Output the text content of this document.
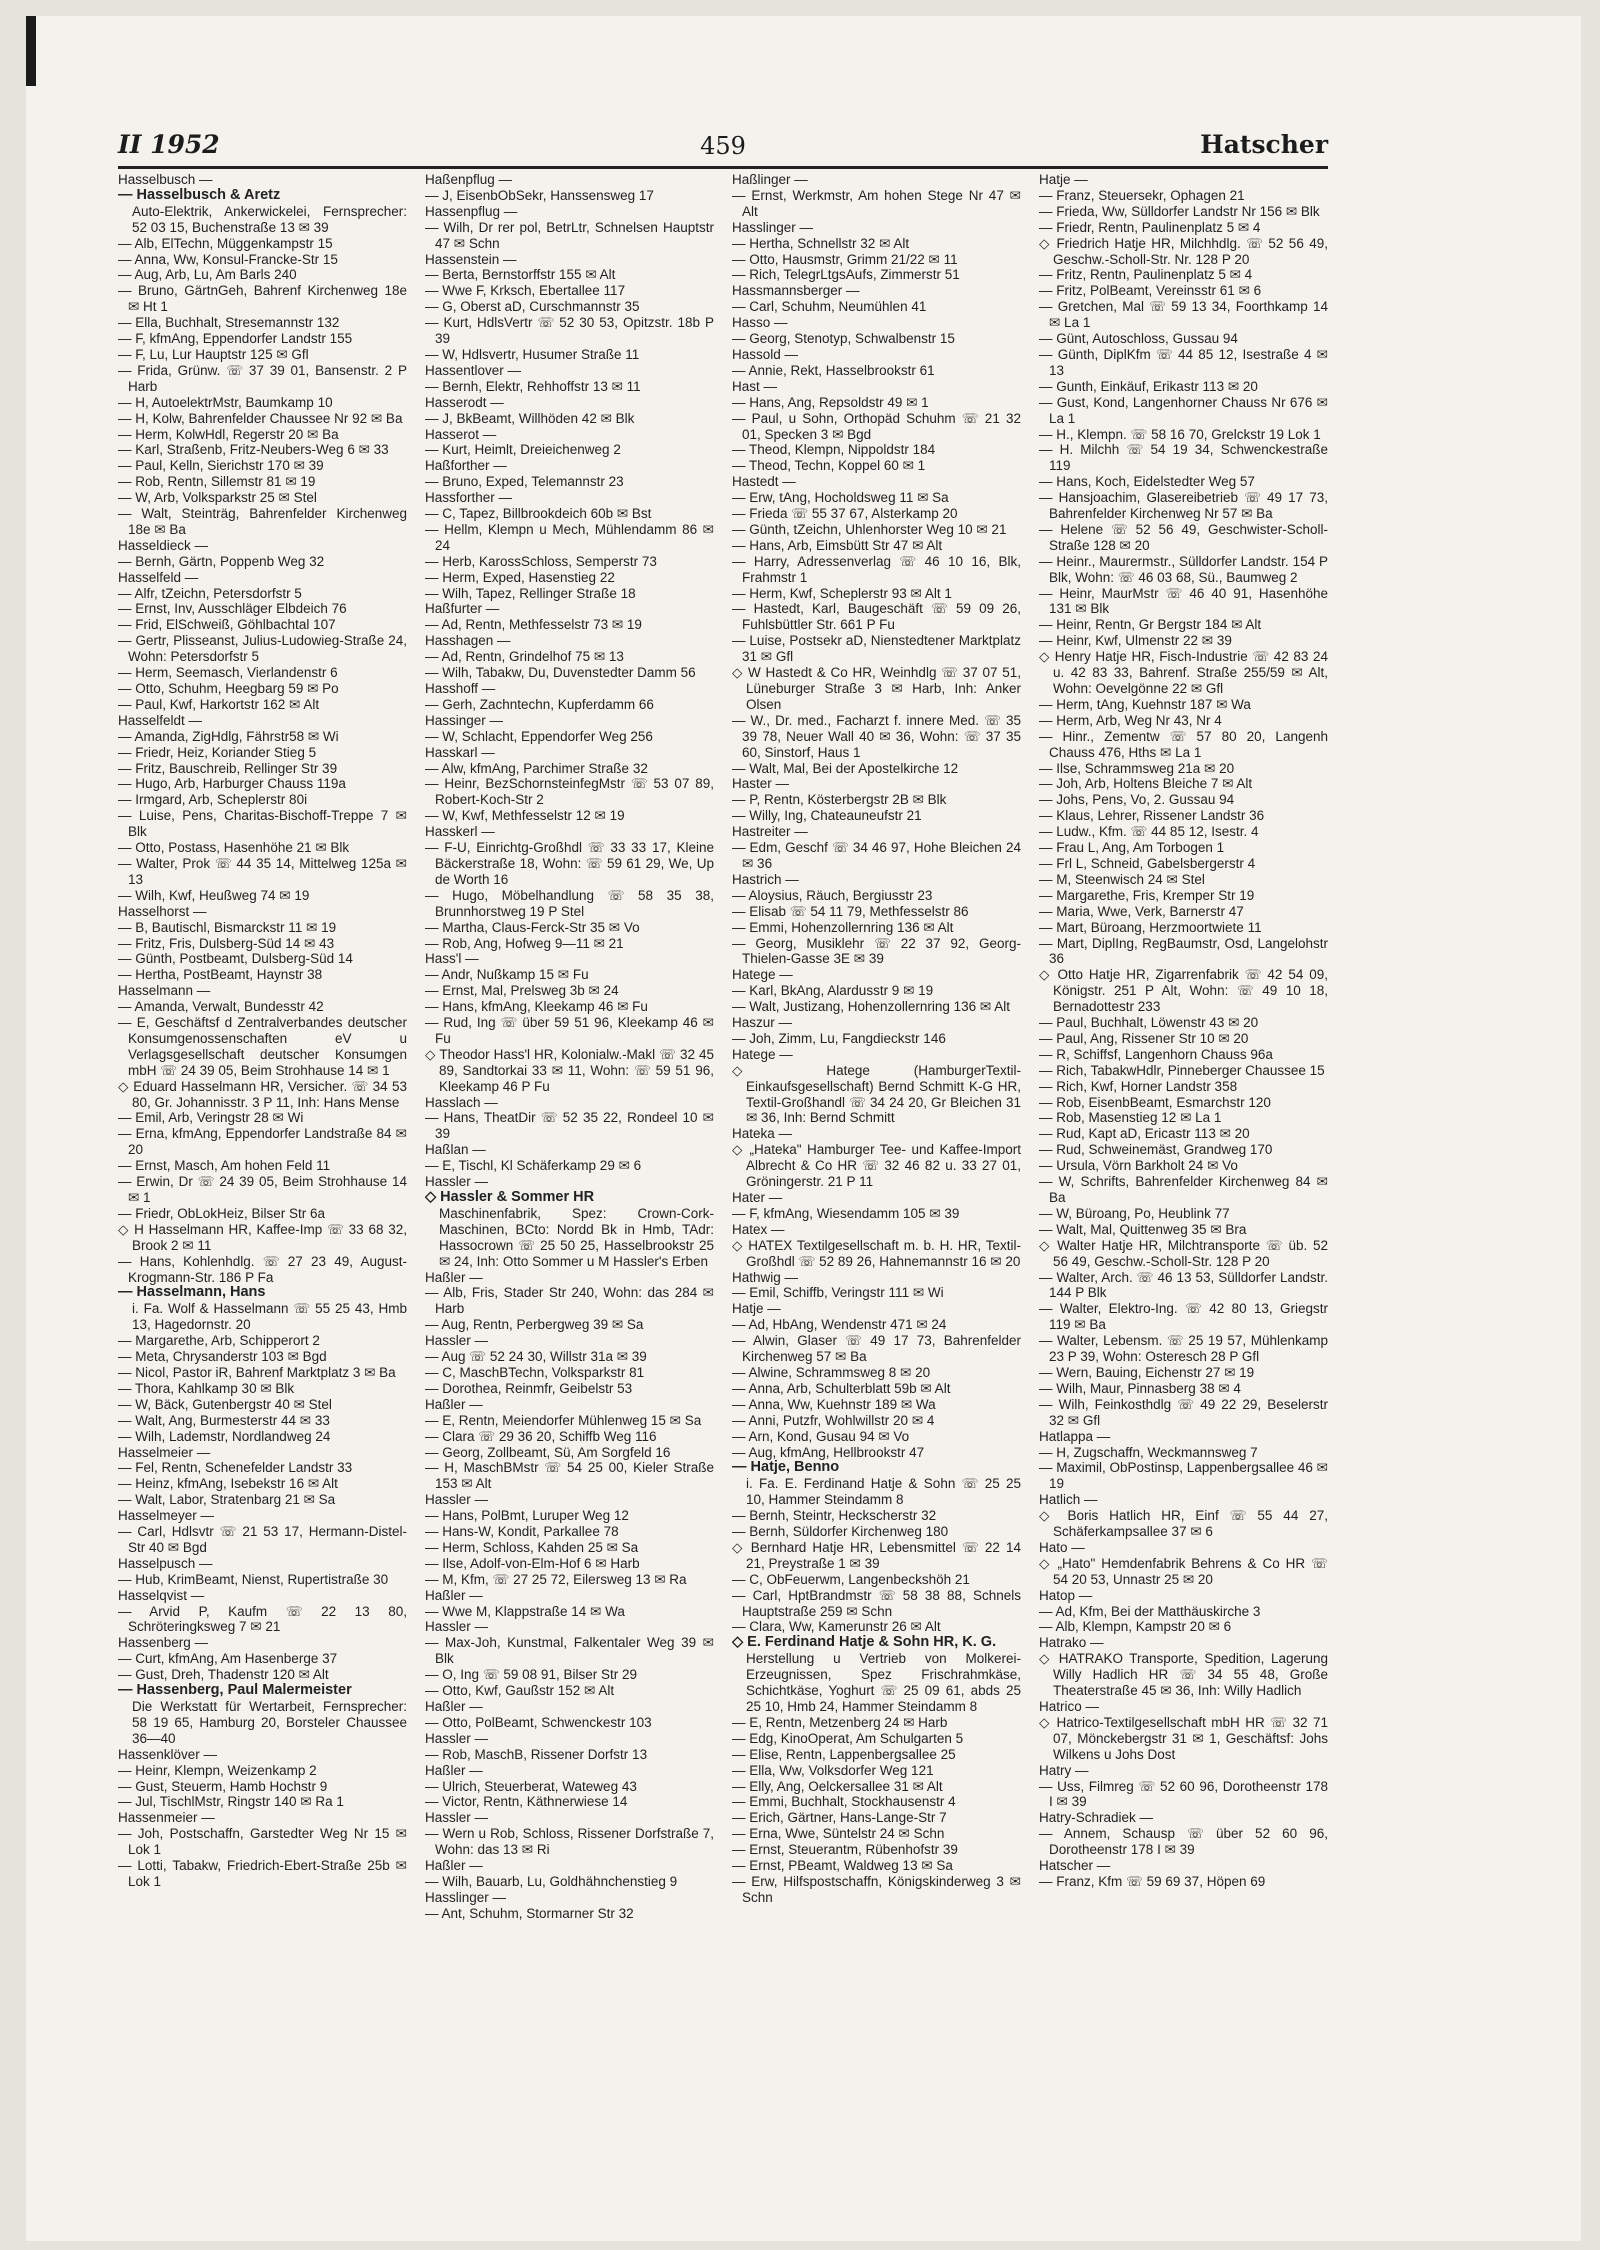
II 1952	459	Hatscher
Hasselbusch —
— Hasselbusch & Aretz
Auto-Elektrik, Ankerwickelei, Fernsprecher: 52 03 15, Buchenstraße 13 ✉ 39
— Alb, ElTechn, Müggenkampstr 15
— Anna, Ww, Konsul-Francke-Str 15
— Aug, Arb, Lu, Am Barls 240
— Bruno, GärtnGeh, Bahrenf Kirchenweg 18e ✉ Ht 1
— Ella, Buchhalt, Stresemannstr 132
— F, kfmAng, Eppendorfer Landstr 155
— F, Lu, Lur Hauptstr 125 ✉ Gfl
— Frida, Grünw. ☏ 37 39 01, Bansenstr. 2 P Harb
— H, AutoelektrMstr, Baumkamp 10
— H, Kolw, Bahrenfelder Chaussee Nr 92 ✉ Ba
— Herm, KolwHdl, Regerstr 20 ✉ Ba
— Karl, Straßenb, Fritz-Neubers-Weg 6 ✉ 33
— Paul, Kelln, Sierichstr 170 ✉ 39
— Rob, Rentn, Sillemstr 81 ✉ 19
— W, Arb, Volksparkstr 25 ✉ Stel
— Walt, Steinträg, Bahrenfelder Kirchenweg 18e ✉ Ba
Hasseldieck —
— Bernh, Gärtn, Poppenb Weg 32
Hasselfeld —
— Alfr, tZeichn, Petersdorfstr 5
— Ernst, Inv, Ausschläger Elbdeich 76
— Frid, ElSchweiß, Göhlbachtal 107
— Gertr, Plisseanst, Julius-Ludowieg-Straße 24, Wohn: Petersdorfstr 5
— Herm, Seemasch, Vierlandenstr 6
— Otto, Schuhm, Heegbarg 59 ✉ Po
— Paul, Kwf, Harkortstr 162 ✉ Alt
Hasselfeldt —
— Amanda, ZigHdlg, Fährstr58 ✉ Wi
— Friedr, Heiz, Koriander Stieg 5
— Fritz, Bauschreib, Rellinger Str 39
— Hugo, Arb, Harburger Chauss 119a
— Irmgard, Arb, Scheplerstr 80i
— Luise, Pens, Charitas-Bischoff-Treppe 7 ✉ Blk
— Otto, Postass, Hasenhöhe 21 ✉ Blk
— Walter, Prok ☏ 44 35 14, Mittelweg 125a ✉ 13
— Wilh, Kwf, Heußweg 74 ✉ 19
Hasselhorst —
— B, Bautischl, Bismarckstr 11 ✉ 19
— Fritz, Fris, Dulsberg-Süd 14 ✉ 43
— Günth, Postbeamt, Dulsberg-Süd 14
— Hertha, PostBeamt, Haynstr 38
Hasselmann —
— Amanda, Verwalt, Bundesstr 42
— E, Geschäftsf d Zentralverbandes deutscher Konsumgenossenschaften eV u Verlagsgesellschaft deutscher Konsumgen mbH ☏ 24 39 05, Beim Strohhause 14 ✉ 1
◇ Eduard Hasselmann HR, Versicher. ☏ 34 53 80, Gr. Johannisstr. 3 P 11, Inh: Hans Mense
— Emil, Arb, Veringstr 28 ✉ Wi
— Erna, kfmAng, Eppendorfer Landstraße 84 ✉ 20
— Ernst, Masch, Am hohen Feld 11
— Erwin, Dr ☏ 24 39 05, Beim Strohhause 14 ✉ 1
— Friedr, ObLokHeiz, Bilser Str 6a
◇ H Hasselmann HR, Kaffee-Imp ☏ 33 68 32, Brook 2 ✉ 11
— Hans, Kohlenhdlg. ☏ 27 23 49, August-Krogmann-Str. 186 P Fa
— Hasselmann, Hans
i. Fa. Wolf & Hasselmann ☏ 55 25 43, Hmb 13, Hagedornstr. 20
— Margarethe, Arb, Schipperort 2
— Meta, Chrysanderstr 103 ✉ Bgd
— Nicol, Pastor iR, Bahrenf Marktplatz 3 ✉ Ba
— Thora, Kahlkamp 30 ✉ Blk
— W, Bäck, Gutenbergstr 40 ✉ Stel
— Walt, Ang, Burmesterstr 44 ✉ 33
— Wilh, Lademstr, Nordlandweg 24
Hasselmeier —
— Fel, Rentn, Schenefelder Landstr 33
— Heinz, kfmAng, Isebekstr 16 ✉ Alt
— Walt, Labor, Stratenbarg 21 ✉ Sa
Hasselmeyer —
— Carl, Hdlsvtr ☏ 21 53 17, Hermann-Distel-Str 40 ✉ Bgd
Hasselpusch —
— Hub, KrimBeamt, Nienst, Rupertistraße 30
Hasselqvist —
— Arvid P, Kaufm ☏ 22 13 80, Schröteringksweg 7 ✉ 21
Hassenberg —
— Curt, kfmAng, Am Hasenberge 37
— Gust, Dreh, Thadenstr 120 ✉ Alt
— Hassenberg, Paul Malermeister
Die Werkstatt für Wertarbeit, Fernsprecher: 58 19 65, Hamburg 20, Borsteler Chaussee 36—40
Hassenklöver —
— Heinr, Klempn, Weizenkamp 2
— Gust, Steuerm, Hamb Hochstr 9
— Jul, TischlMstr, Ringstr 140 ✉ Ra 1
Hassenmeier —
— Joh, Postschaffn, Garstedter Weg Nr 15 ✉ Lok 1
— Lotti, Tabakw, Friedrich-Ebert-Straße 25b ✉ Lok 1
Haßenpflug —
— J, EisenbObSekr, Hanssensweg 17
Hassenpflug —
— Wilh, Dr rer pol, BetrLtr, Schnelsen Hauptstr 47 ✉ Schn
Hassenstein —
— Berta, Bernstorffstr 155 ✉ Alt
— Wwe F, Krksch, Ebertallee 117
— G, Oberst aD, Curschmannstr 35
— Kurt, HdlsVertr ☏ 52 30 53, Opitzstr. 18b P 39
— W, Hdlsvertr, Husumer Straße 11
Hassentlover —
— Bernh, Elektr, Rehhoffstr 13 ✉ 11
Hasserodt —
— J, BkBeamt, Willhöden 42 ✉ Blk
Hasserot —
— Kurt, Heimlt, Dreieichenweg 2
Haßforther —
— Bruno, Exped, Telemannstr 23
Hassforther —
— C, Tapez, Billbrookdeich 60b ✉ Bst
— Hellm, Klempn u Mech, Mühlendamm 86 ✉ 24
— Herb, KarossSchloss, Semperstr 73
— Herm, Exped, Hasenstieg 22
— Wilh, Tapez, Rellinger Straße 18
Haßfurter —
— Ad, Rentn, Methfesselstr 73 ✉ 19
Hasshagen —
— Ad, Rentn, Grindelhof 75 ✉ 13
— Wilh, Tabakw, Du, Duvenstedter Damm 56
Hasshoff —
— Gerh, Zachntechn, Kupferdamm 66
Hassinger —
— W, Schlacht, Eppendorfer Weg 256
Hasskarl —
— Alw, kfmAng, Parchimer Straße 32
— Heinr, BezSchornsteinfegMstr ☏ 53 07 89, Robert-Koch-Str 2
— W, Kwf, Methfesselstr 12 ✉ 19
Hasskerl —
— F-U, Einrichtg-Großhdl ☏ 33 33 17, Kleine Bäckerstraße 18, Wohn: ☏ 59 61 29, We, Up de Worth 16
— Hugo, Möbelhandlung ☏ 58 35 38, Brunnhorstweg 19 P Stel
— Martha, Claus-Ferck-Str 35 ✉ Vo
— Rob, Ang, Hofweg 9—11 ✉ 21
Hass'l —
— Andr, Nußkamp 15 ✉ Fu
— Ernst, Mal, Prelsweg 3b ✉ 24
— Hans, kfmAng, Kleekamp 46 ✉ Fu
— Rud, Ing ☏ über 59 51 96, Kleekamp 46 ✉ Fu
◇ Theodor Hass'l HR, Kolonialw.-Makl ☏ 32 45 89, Sandtorkai 33 ✉ 11, Wohn: ☏ 59 51 96, Kleekamp 46 P Fu
Hasslach —
— Hans, TheatDir ☏ 52 35 22, Rondeel 10 ✉ 39
Haßlan —
— E, Tischl, Kl Schäferkamp 29 ✉ 6
Hassler —
◇ Hassler & Sommer HR
Maschinenfabrik, Spez: Crown-Cork-Maschinen, BCto: Nordd Bk in Hmb, TAdr: Hassocrown ☏ 25 50 25, Hasselbrookstr 25 ✉ 24, Inh: Otto Sommer u M Hassler's Erben
Haßler —
— Alb, Fris, Stader Str 240, Wohn: das 284 ✉ Harb
— Aug, Rentn, Perbergweg 39 ✉ Sa
Hassler —
— Aug ☏ 52 24 30, Willstr 31a ✉ 39
— C, MaschBTechn, Volksparkstr 81
— Dorothea, Reinmfr, Geibelstr 53
Haßler —
— E, Rentn, Meiendorfer Mühlenweg 15 ✉ Sa
— Clara ☏ 29 36 20, Schiffb Weg 116
— Georg, Zollbeamt, Sü, Am Sorgfeld 16
— H, MaschBMstr ☏ 54 25 00, Kieler Straße 153 ✉ Alt
Hassler —
— Hans, PolBmt, Luruper Weg 12
— Hans-W, Kondit, Parkallee 78
— Herm, Schloss, Kahden 25 ✉ Sa
— Ilse, Adolf-von-Elm-Hof 6 ✉ Harb
— M, Kfm, ☏ 27 25 72, Eilersweg 13 ✉ Ra
Haßler —
— Wwe M, Klappstraße 14 ✉ Wa
Hassler —
— Max-Joh, Kunstmal, Falkentaler Weg 39 ✉ Blk
— O, Ing ☏ 59 08 91, Bilser Str 29
— Otto, Kwf, Gaußstr 152 ✉ Alt
Haßler —
— Otto, PolBeamt, Schwenckestr 103
Hassler —
— Rob, MaschB, Rissener Dorfstr 13
Haßler —
— Ulrich, Steuerberat, Wateweg 43
— Victor, Rentn, Käthnerwiese 14
Hassler —
— Wern u Rob, Schloss, Rissener Dorfstraße 7, Wohn: das 13 ✉ Ri
Haßler —
— Wilh, Bauarb, Lu, Goldhähnchenstieg 9
Hasslinger —
— Ant, Schuhm, Stormarner Str 32
Haßlinger —
— Ernst, Werkmstr, Am hohen Stege Nr 47 ✉ Alt
Hasslinger —
— Hertha, Schnellstr 32 ✉ Alt
— Otto, Hausmstr, Grimm 21/22 ✉ 11
— Rich, TelegrLtgsAufs, Zimmerstr 51
Hassmannsberger —
— Carl, Schuhm, Neumühlen 41
Hasso —
— Georg, Stenotyp, Schwalbenstr 15
Hassold —
— Annie, Rekt, Hasselbrookstr 61
Hast —
— Hans, Ang, Repsoldstr 49 ✉ 1
— Paul, u Sohn, Orthopäd Schuhm ☏ 21 32 01, Specken 3 ✉ Bgd
— Theod, Klempn, Nippoldstr 184
— Theod, Techn, Koppel 60 ✉ 1
Hastedt —
— Erw, tAng, Hocholdsweg 11 ✉ Sa
— Frieda ☏ 55 37 67, Alsterkamp 20
— Günth, tZeichn, Uhlenhorster Weg 10 ✉ 21
— Hans, Arb, Eimsbütt Str 47 ✉ Alt
— Harry, Adressenverlag ☏ 46 10 16, Blk, Frahmstr 1
— Herm, Kwf, Scheplerstr 93 ✉ Alt 1
— Hastedt, Karl, Baugeschäft ☏ 59 09 26, Fuhlsbüttler Str. 661 P Fu
— Luise, Postsekr aD, Nienstedtener Marktplatz 31 ✉ Gfl
◇ W Hastedt & Co HR, Weinhdlg ☏ 37 07 51, Lüneburger Straße 3 ✉ Harb, Inh: Anker Olsen
— W., Dr. med., Facharzt f. innere Med. ☏ 35 39 78, Neuer Wall 40 ✉ 36, Wohn: ☏ 37 35 60, Sinstorf, Haus 1
— Walt, Mal, Bei der Apostelkirche 12
Haster —
— P, Rentn, Kösterbergstr 2B ✉ Blk
— Willy, Ing, Chateauneufstr 21
Hastreiter —
— Edm, Geschf ☏ 34 46 97, Hohe Bleichen 24 ✉ 36
Hastrich —
— Aloysius, Räuch, Bergiusstr 23
— Elisab ☏ 54 11 79, Methfesselstr 86
— Emmi, Hohenzollernring 136 ✉ Alt
— Georg, Musiklehr ☏ 22 37 92, Georg-Thielen-Gasse 3E ✉ 39
Hatege —
— Karl, BkAng, Alardusstr 9 ✉ 19
— Walt, Justizang, Hohenzollernring 136 ✉ Alt
Haszur —
— Joh, Zimm, Lu, Fangdieckstr 146
Hatege —
◇ Hatege (HamburgerTextil-Einkaufsgesellschaft) Bernd Schmitt K-G HR, Textil-Großhandl ☏ 34 24 20, Gr Bleichen 31 ✉ 36, Inh: Bernd Schmitt
Hateka —
◇ „Hateka" Hamburger Tee- und Kaffee-Import Albrecht & Co HR ☏ 32 46 82 u. 33 27 01, Gröningerstr. 21 P 11
Hater —
— F, kfmAng, Wiesendamm 105 ✉ 39
Hatex —
◇ HATEX Textilgesellschaft m. b. H. HR, Textil-Großhdl ☏ 52 89 26, Hahnemannstr 16 ✉ 20
Hathwig —
— Emil, Schiffb, Veringstr 111 ✉ Wi
Hatje —
— Ad, HbAng, Wendenstr 471 ✉ 24
— Alwin, Glaser ☏ 49 17 73, Bahrenfelder Kirchenweg 57 ✉ Ba
— Alwine, Schrammsweg 8 ✉ 20
— Anna, Arb, Schulterblatt 59b ✉ Alt
— Anna, Ww, Kuehnstr 189 ✉ Wa
— Anni, Putzfr, Wohlwillstr 20 ✉ 4
— Arn, Kond, Gusau 94 ✉ Vo
— Aug, kfmAng, Hellbrookstr 47
— Hatje, Benno
i. Fa. E. Ferdinand Hatje & Sohn ☏ 25 25 10, Hammer Steindamm 8
— Bernh, Steintr, Heckscherstr 32
— Bernh, Süldorfer Kirchenweg 180
◇ Bernhard Hatje HR, Lebensmittel ☏ 22 14 21, Preystraße 1 ✉ 39
— C, ObFeuerwm, Langenbeckshöh 21
— Carl, HptBrandmstr ☏ 58 38 88, Schnels Hauptstraße 259 ✉ Schn
— Clara, Ww, Kamerunstr 26 ✉ Alt
◇ E. Ferdinand Hatje & Sohn HR, K. G.
Herstellung u Vertrieb von Molkerei-Erzeugnissen, Spez Frischrahmkäse, Schichtkäse, Yoghurt ☏ 25 09 61, abds 25 25 10, Hmb 24, Hammer Steindamm 8
— E, Rentn, Metzenberg 24 ✉ Harb
— Edg, KinoOperat, Am Schulgarten 5
— Elise, Rentn, Lappenbergsallee 25
— Ella, Ww, Volksdorfer Weg 121
— Elly, Ang, Oelckersallee 31 ✉ Alt
— Emmi, Buchhalt, Stockhausenstr 4
— Erich, Gärtner, Hans-Lange-Str 7
— Erna, Wwe, Süntelstr 24 ✉ Schn
— Ernst, Steuerantm, Rübenhofstr 39
— Ernst, PBeamt, Waldweg 13 ✉ Sa
— Erw, Hilfspostschaffn, Königskinderweg 3 ✉ Schn
Hatje —
— Franz, Steuersekr, Ophagen 21
— Frieda, Ww, Sülldorfer Landstr Nr 156 ✉ Blk
— Friedr, Rentn, Paulinenplatz 5 ✉ 4
◇ Friedrich Hatje HR, Milchhdlg. ☏ 52 56 49, Geschw.-Scholl-Str. Nr. 128 P 20
— Fritz, Rentn, Paulinenplatz 5 ✉ 4
— Fritz, PolBeamt, Vereinsstr 61 ✉ 6
— Gretchen, Mal ☏ 59 13 34, Foorthkamp 14 ✉ La 1
— Günt, Autoschloss, Gussau 94
— Günth, DiplKfm ☏ 44 85 12, Isestraße 4 ✉ 13
— Gunth, Einkäuf, Erikastr 113 ✉ 20
— Gust, Kond, Langenhorner Chauss Nr 676 ✉ La 1
— H., Klempn. ☏ 58 16 70, Grelckstr 19 Lok 1
— H. Milchh ☏ 54 19 34, Schwenckestraße 119
— Hans, Koch, Eidelstedter Weg 57
— Hansjoachim, Glasereibetrieb ☏ 49 17 73, Bahrenfelder Kirchenweg Nr 57 ✉ Ba
— Helene ☏ 52 56 49, Geschwister-Scholl-Straße 128 ✉ 20
— Heinr., Maurermstr., Sülldorfer Landstr. 154 P Blk, Wohn: ☏ 46 03 68, Sü., Baumweg 2
— Heinr, MaurMstr ☏ 46 40 91, Hasenhöhe 131 ✉ Blk
— Heinr, Rentn, Gr Bergstr 184 ✉ Alt
— Heinr, Kwf, Ulmenstr 22 ✉ 39
◇ Henry Hatje HR, Fisch-Industrie ☏ 42 83 24 u. 42 83 33, Bahrenf. Straße 255/59 ✉ Alt, Wohn: Oevelgönne 22 ✉ Gfl
— Herm, tAng, Kuehnstr 187 ✉ Wa
— Herm, Arb, Weg Nr 43, Nr 4
— Hinr., Zementw ☏ 57 80 20, Langenh Chauss 476, Hths ✉ La 1
— Ilse, Schrammsweg 21a ✉ 20
— Joh, Arb, Holtens Bleiche 7 ✉ Alt
— Johs, Pens, Vo, 2. Gussau 94
— Klaus, Lehrer, Rissener Landstr 36
— Ludw., Kfm. ☏ 44 85 12, Isestr. 4
— Frau L, Ang, Am Torbogen 1
— Frl L, Schneid, Gabelsbergerstr 4
— M, Steenwisch 24 ✉ Stel
— Margarethe, Fris, Kremper Str 19
— Maria, Wwe, Verk, Barnerstr 47
— Mart, Büroang, Herzmoortwiete 11
— Mart, DiplIng, RegBaumstr, Osd, Langelohstr 36
◇ Otto Hatje HR, Zigarrenfabrik ☏ 42 54 09, Königstr. 251 P Alt, Wohn: ☏ 49 10 18, Bernadottestr 233
— Paul, Buchhalt, Löwenstr 43 ✉ 20
— Paul, Ang, Rissener Str 10 ✉ 20
— R, Schiffsf, Langenhorn Chauss 96a
— Rich, TabakwHdlr, Pinneberger Chaussee 15
— Rich, Kwf, Horner Landstr 358
— Rob, EisenbBeamt, Esmarchstr 120
— Rob, Masenstieg 12 ✉ La 1
— Rud, Kapt aD, Ericastr 113 ✉ 20
— Rud, Schweinemäst, Grandweg 170
— Ursula, Vörn Barkholt 24 ✉ Vo
— W, Schrifts, Bahrenfelder Kirchenweg 84 ✉ Ba
— W, Büroang, Po, Heublink 77
— Walt, Mal, Quittenweg 35 ✉ Bra
◇ Walter Hatje HR, Milchtransporte ☏ üb. 52 56 49, Geschw.-Scholl-Str. 128 P 20
— Walter, Arch. ☏ 46 13 53, Sülldorfer Landstr. 144 P Blk
— Walter, Elektro-Ing. ☏ 42 80 13, Griegstr 119 ✉ Ba
— Walter, Lebensm. ☏ 25 19 57, Mühlenkamp 23 P 39, Wohn: Osteresch 28 P Gfl
— Wern, Bauing, Eichenstr 27 ✉ 19
— Wilh, Maur, Pinnasberg 38 ✉ 4
— Wilh, Feinkosthdlg ☏ 49 22 29, Beselerstr 32 ✉ Gfl
Hatlappa —
— H, Zugschaffn, Weckmannsweg 7
— Maximil, ObPostinsp, Lappenbergsallee 46 ✉ 19
Hatlich —
◇ Boris Hatlich HR, Einf ☏ 55 44 27, Schäferkampsallee 37 ✉ 6
Hato —
◇ „Hato" Hemdenfabrik Behrens & Co HR ☏ 54 20 53, Unnastr 25 ✉ 20
Hatop —
— Ad, Kfm, Bei der Matthäuskirche 3
— Alb, Klempn, Kampstr 20 ✉ 6
Hatrako —
◇ HATRAKO Transporte, Spedition, Lagerung Willy Hadlich HR ☏ 34 55 48, Große Theaterstraße 45 ✉ 36, Inh: Willy Hadlich
Hatrico —
◇ Hatrico-Textilgesellschaft mbH HR ☏ 32 71 07, Mönckebergstr 31 ✉ 1, Geschäftsf: Johs Wilkens u Johs Dost
Hatry —
— Uss, Filmreg ☏ 52 60 96, Dorotheenstr 178 I ✉ 39
Hatry-Schradiek —
— Annem, Schausp ☏ über 52 60 96, Dorotheenstr 178 I ✉ 39
Hatscher —
— Franz, Kfm ☏ 59 69 37, Höpen 69
